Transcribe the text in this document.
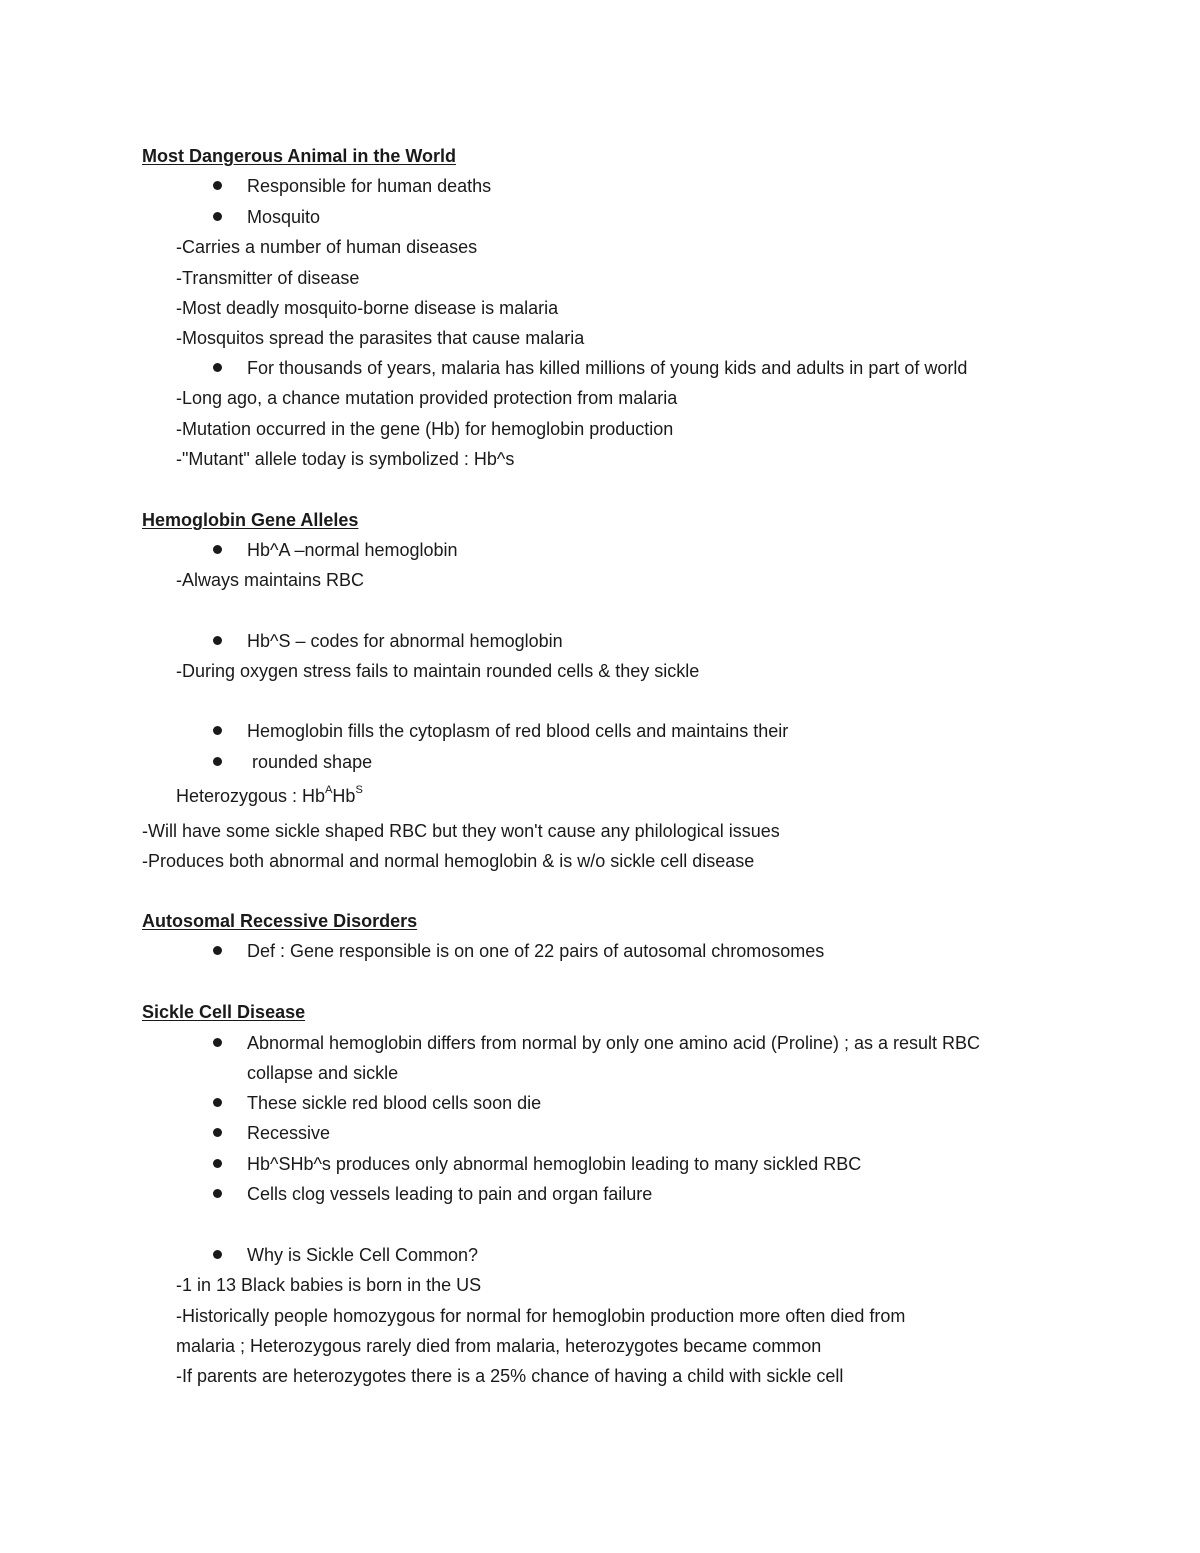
Most Dangerous Animal in the World
Responsible for human deaths
Mosquito
-Carries a number of human diseases
-Transmitter of disease
-Most deadly mosquito-borne disease is malaria
-Mosquitos spread the parasites that cause malaria
For thousands of years, malaria has killed millions of young kids and adults in part of world
-Long ago, a chance mutation provided protection from malaria
-Mutation occurred in the gene (Hb) for hemoglobin production
-"Mutant" allele today is symbolized : Hb^s
Hemoglobin Gene Alleles
Hb^A –normal hemoglobin
-Always maintains RBC
Hb^S – codes for abnormal hemoglobin
-During oxygen stress fails to maintain rounded cells & they sickle
Hemoglobin fills the cytoplasm of red blood cells and maintains their
rounded shape
Heterozygous : $Hb^AHb^S$
-Will have some sickle shaped RBC but they won't cause any philological issues
-Produces both abnormal and normal hemoglobin & is w/o sickle cell disease
Autosomal Recessive Disorders
Def : Gene responsible is on one of 22 pairs of autosomal chromosomes
Sickle Cell Disease
Abnormal hemoglobin differs from normal by only one amino acid (Proline) ; as a result RBC
collapse and sickle
These sickle red blood cells soon die
Recessive
Hb^SHb^s produces only abnormal hemoglobin leading to many sickled RBC
Cells clog vessels leading to pain and organ failure
Why is Sickle Cell Common?
-1 in 13 Black babies is born in the US
-Historically people homozygous for normal for hemoglobin production more often died from
malaria ; Heterozygous rarely died from malaria, heterozygotes became common
-If parents are heterozygotes there is a 25% chance of having a child with sickle cell
